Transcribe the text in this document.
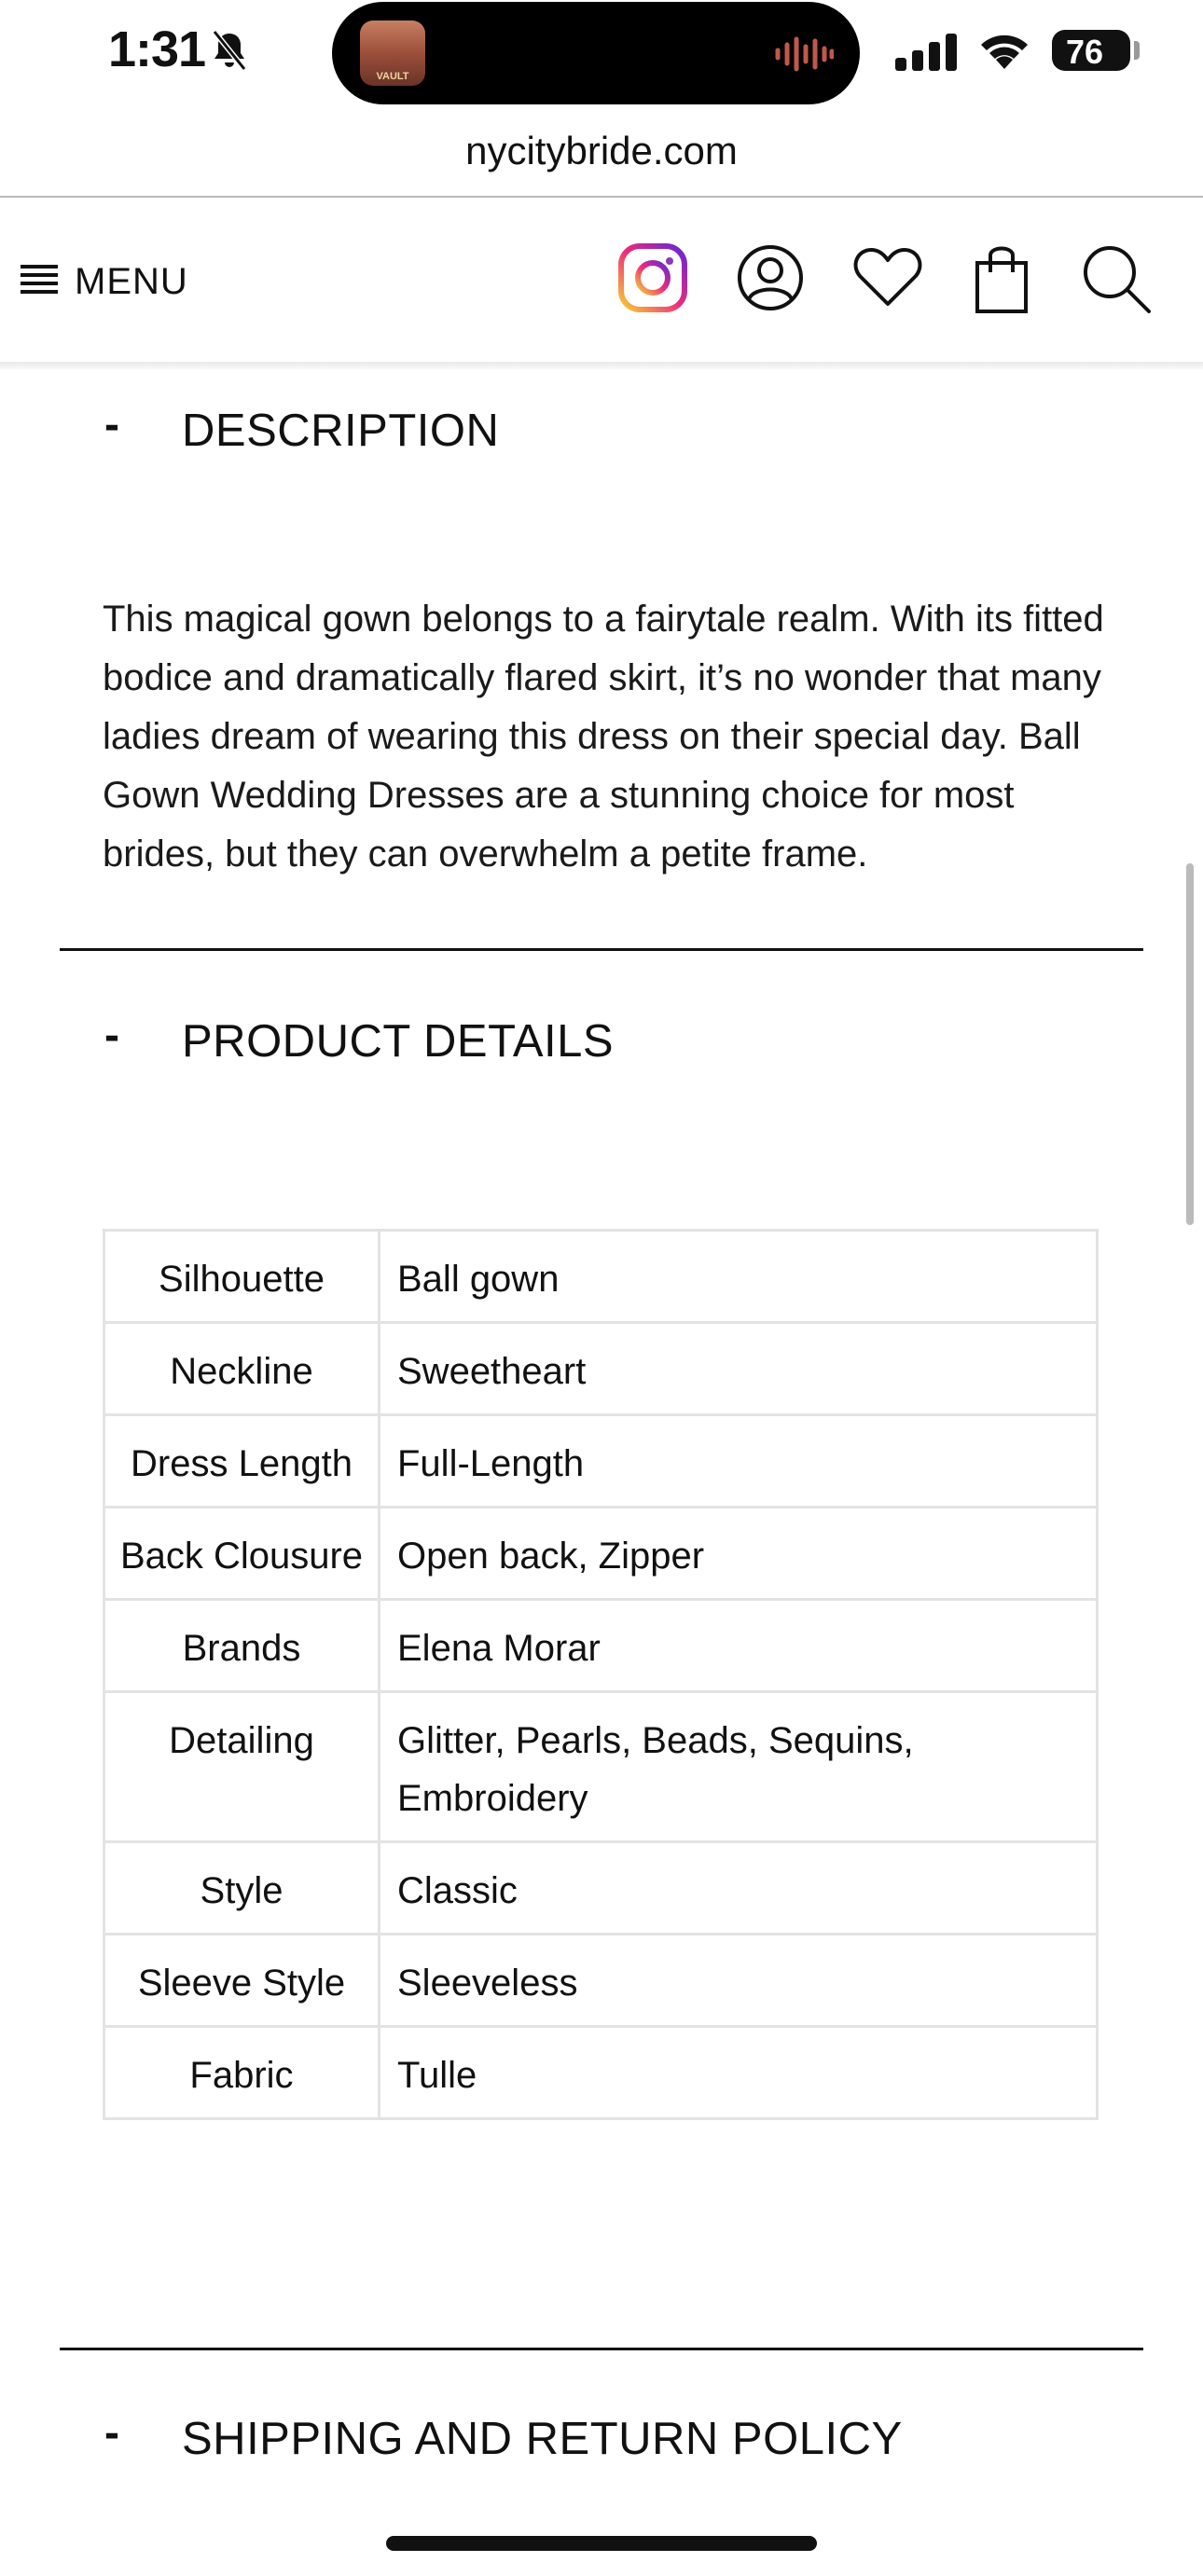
1:31	VAULT
76
nycitybride.com
MENU
- DESCRIPTION
This magical gown belongs to a fairytale realm. With its fitted bodice and dramatically flared skirt, it’s no wonder that many ladies dream of wearing this dress on their special day. Ball Gown Wedding Dresses are a stunning choice for most brides, but they can overwhelm a petite frame.
- PRODUCT DETAILS
Silhouette	Ball gown
Neckline	Sweetheart
Dress Length	Full-Length
Back Clousure	Open back, Zipper
Brands	Elena Morar
Detailing	Glitter, Pearls, Beads, Sequins, Embroidery
Style	Classic
Sleeve Style	Sleeveless
Fabric	Tulle
- SHIPPING AND RETURN POLICY
